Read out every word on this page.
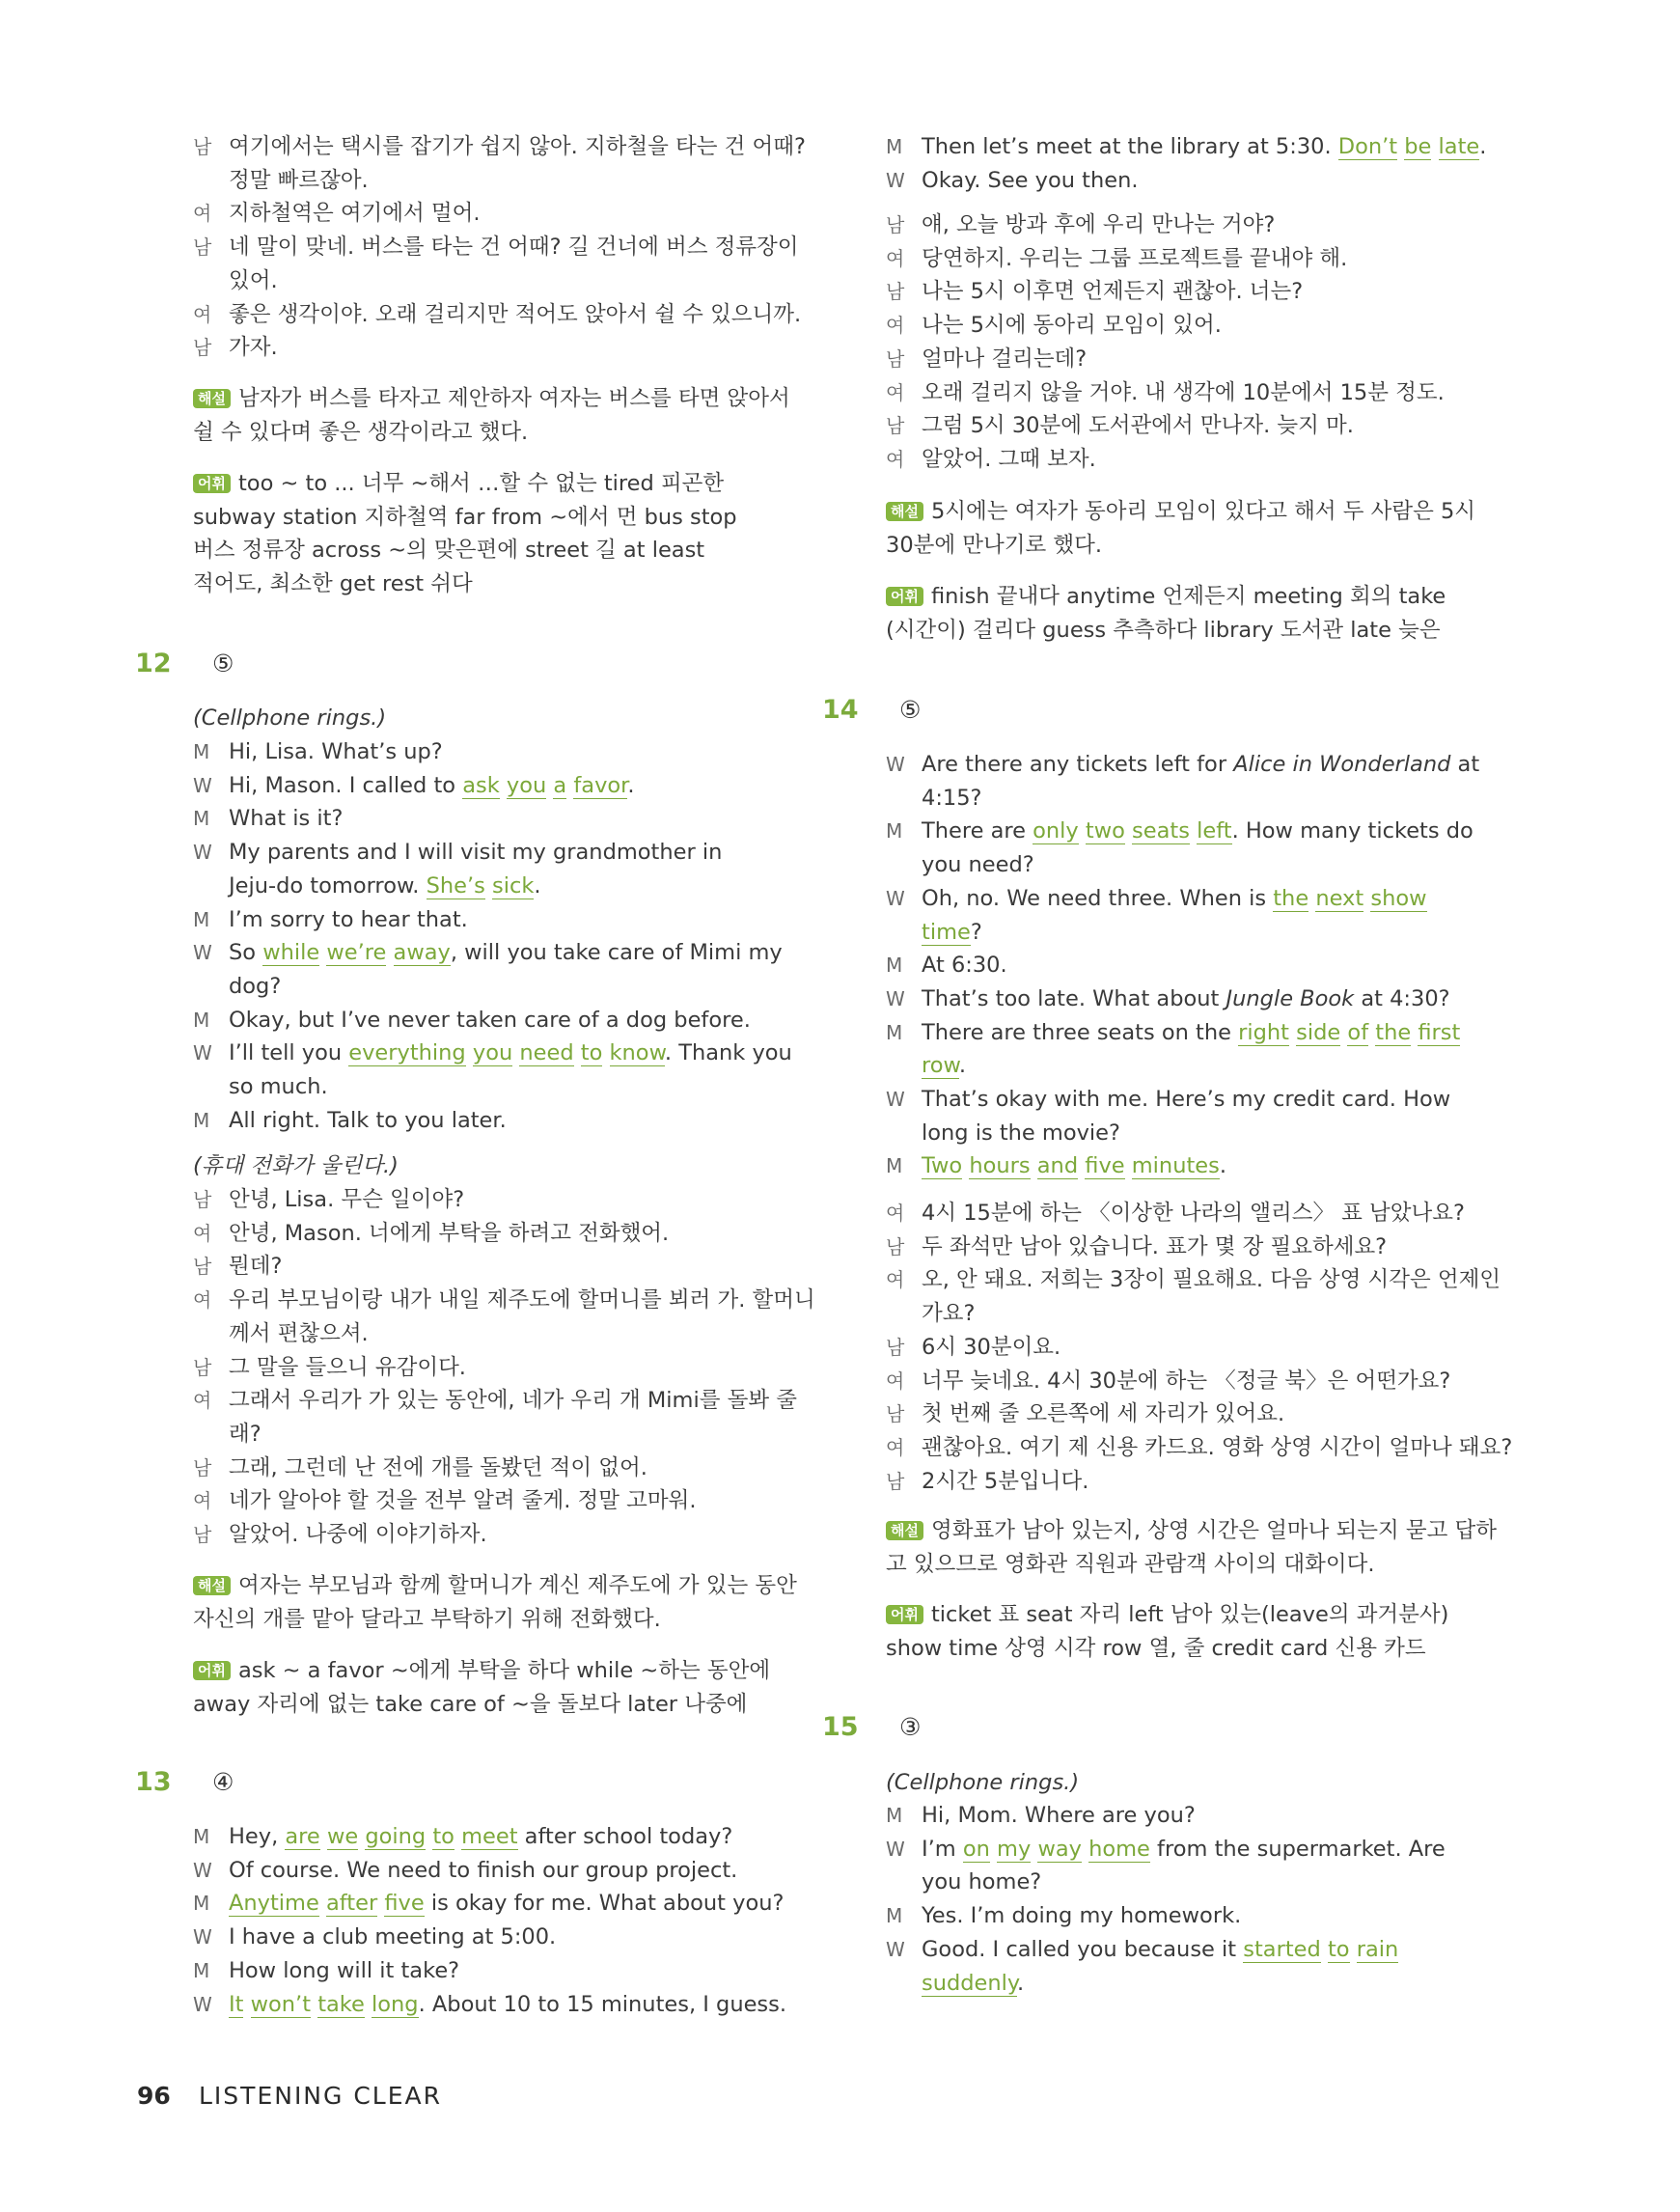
남 여기에서는 택시를 잡기가 쉽지 않아. 지하철을 타는 건 어때?
정말 빠르잖아.
여 지하철역은 여기에서 멀어.
남 네 말이 맞네. 버스를 타는 건 어때? 길 건너에 버스 정류장이
있어.
여 좋은 생각이야. 오래 걸리지만 적어도 앉아서 쉴 수 있으니까.
남 가자.
해설 남자가 버스를 타자고 제안하자 여자는 버스를 타면 앉아서
쉴 수 있다며 좋은 생각이라고 했다.
어휘 too ~ to ... 너무 ~해서 …할 수 없는 tired 피곤한
subway station 지하철역 far from ~에서 먼 bus stop
버스 정류장 across ~의 맞은편에 street 길 at least
적어도, 최소한 get rest 쉬다
12 ⑤
(Cellphone rings.)
M Hi, Lisa. What’s up?
W Hi, Mason. I called to ask you a favor.
M What is it?
W My parents and I will visit my grandmother in
Jeju-do tomorrow. She’s sick.
M I’m sorry to hear that.
W So while we’re away, will you take care of Mimi my
dog?
M Okay, but I’ve never taken care of a dog before.
W I’ll tell you everything you need to know. Thank you
so much.
M All right. Talk to you later.
(휴대 전화가 울린다.)
남 안녕, Lisa. 무슨 일이야?
여 안녕, Mason. 너에게 부탁을 하려고 전화했어.
남 뭔데?
여 우리 부모님이랑 내가 내일 제주도에 할머니를 뵈러 가. 할머니
께서 편찮으셔.
남 그 말을 들으니 유감이다.
여 그래서 우리가 가 있는 동안에, 네가 우리 개 Mimi를 돌봐 줄
래?
남 그래, 그런데 난 전에 개를 돌봤던 적이 없어.
여 네가 알아야 할 것을 전부 알려 줄게. 정말 고마워.
남 알았어. 나중에 이야기하자.
해설 여자는 부모님과 함께 할머니가 계신 제주도에 가 있는 동안
자신의 개를 맡아 달라고 부탁하기 위해 전화했다.
어휘 ask ~ a favor ~에게 부탁을 하다 while ~하는 동안에
away 자리에 없는 take care of ~을 돌보다 later 나중에
13 ④
M Hey, are we going to meet after school today?
W Of course. We need to finish our group project.
M Anytime after five is okay for me. What about you?
W I have a club meeting at 5:00.
M How long will it take?
W It won’t take long. About 10 to 15 minutes, I guess.
M Then let’s meet at the library at 5:30. Don’t be late.
W Okay. See you then.
남 얘, 오늘 방과 후에 우리 만나는 거야?
여 당연하지. 우리는 그룹 프로젝트를 끝내야 해.
남 나는 5시 이후면 언제든지 괜찮아. 너는?
여 나는 5시에 동아리 모임이 있어.
남 얼마나 걸리는데?
여 오래 걸리지 않을 거야. 내 생각에 10분에서 15분 정도.
남 그럼 5시 30분에 도서관에서 만나자. 늦지 마.
여 알았어. 그때 보자.
해설 5시에는 여자가 동아리 모임이 있다고 해서 두 사람은 5시
30분에 만나기로 했다.
어휘 finish 끝내다 anytime 언제든지 meeting 회의 take
(시간이) 걸리다 guess 추측하다 library 도서관 late 늦은
14 ⑤
W Are there any tickets left for Alice in Wonderland at
4:15?
M There are only two seats left. How many tickets do
you need?
W Oh, no. We need three. When is the next show
time?
M At 6:30.
W That’s too late. What about Jungle Book at 4:30?
M There are three seats on the right side of the first
row.
W That’s okay with me. Here’s my credit card. How
long is the movie?
M Two hours and five minutes.
여 4시 15분에 하는 〈이상한 나라의 앨리스〉 표 남았나요?
남 두 좌석만 남아 있습니다. 표가 몇 장 필요하세요?
여 오, 안 돼요. 저희는 3장이 필요해요. 다음 상영 시각은 언제인
가요?
남 6시 30분이요.
여 너무 늦네요. 4시 30분에 하는 〈정글 북〉은 어떤가요?
남 첫 번째 줄 오른쪽에 세 자리가 있어요.
여 괜찮아요. 여기 제 신용 카드요. 영화 상영 시간이 얼마나 돼요?
남 2시간 5분입니다.
해설 영화표가 남아 있는지, 상영 시간은 얼마나 되는지 묻고 답하
고 있으므로 영화관 직원과 관람객 사이의 대화이다.
어휘 ticket 표 seat 자리 left 남아 있는(leave의 과거분사)
show time 상영 시각 row 열, 줄 credit card 신용 카드
15 ③
(Cellphone rings.)
M Hi, Mom. Where are you?
W I’m on my way home from the supermarket. Are
you home?
M Yes. I’m doing my homework.
W Good. I called you because it started to rain
suddenly.
96 LISTENING CLEAR
